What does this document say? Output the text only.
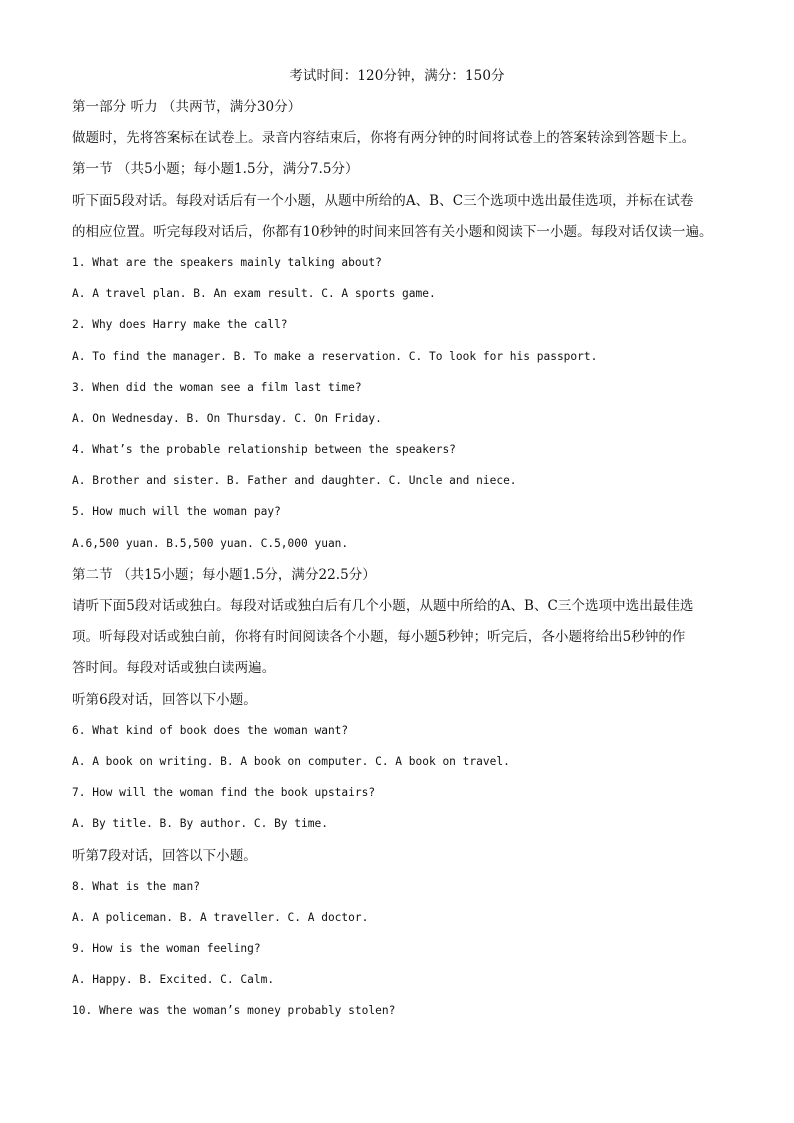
考试时间：120分钟，满分：150分

第一部分 听力 （共两节，满分30分）

做题时，先将答案标在试卷上。录音内容结束后，你将有两分钟的时间将试卷上的答案转涂到答题卡上。

第一节 （共5小题；每小题1.5分，满分7.5分）

听下面5段对话。每段对话后有一个小题，从题中所给的A、B、C三个选项中选出最佳选项，并标在试卷

的相应位置。听完每段对话后，你都有10秒钟的时间来回答有关小题和阅读下一小题。每段对话仅读一遍。

1. What are the speakers mainly talking about?

A. A travel plan. B. An exam result. C. A sports game.

2. Why does Harry make the call?

A. To find the manager. B. To make a reservation. C. To look for his passport.

3. When did the woman see a film last time?

A. On Wednesday. B. On Thursday. C. On Friday.

4. What’s the probable relationship between the speakers?

A. Brother and sister. B. Father and daughter. C. Uncle and niece.

5. How much will the woman pay?

A.6,500 yuan. B.5,500 yuan. C.5,000 yuan.

第二节 （共15小题；每小题1.5分，满分22.5分）

请听下面5段对话或独白。每段对话或独白后有几个小题，从题中所给的A、B、C三个选项中选出最佳选

项。听每段对话或独白前，你将有时间阅读各个小题，每小题5秒钟；听完后，各小题将给出5秒钟的作

答时间。每段对话或独白读两遍。

听第6段对话，回答以下小题。

6. What kind of book does the woman want?

A. A book on writing. B. A book on computer. C. A book on travel.

7. How will the woman find the book upstairs?

A. By title. B. By author. C. By time.

听第7段对话，回答以下小题。

8. What is the man?

A. A policeman. B. A traveller. C. A doctor.

9. How is the woman feeling?

A. Happy. B. Excited. C. Calm.

10. Where was the woman’s money probably stolen?
